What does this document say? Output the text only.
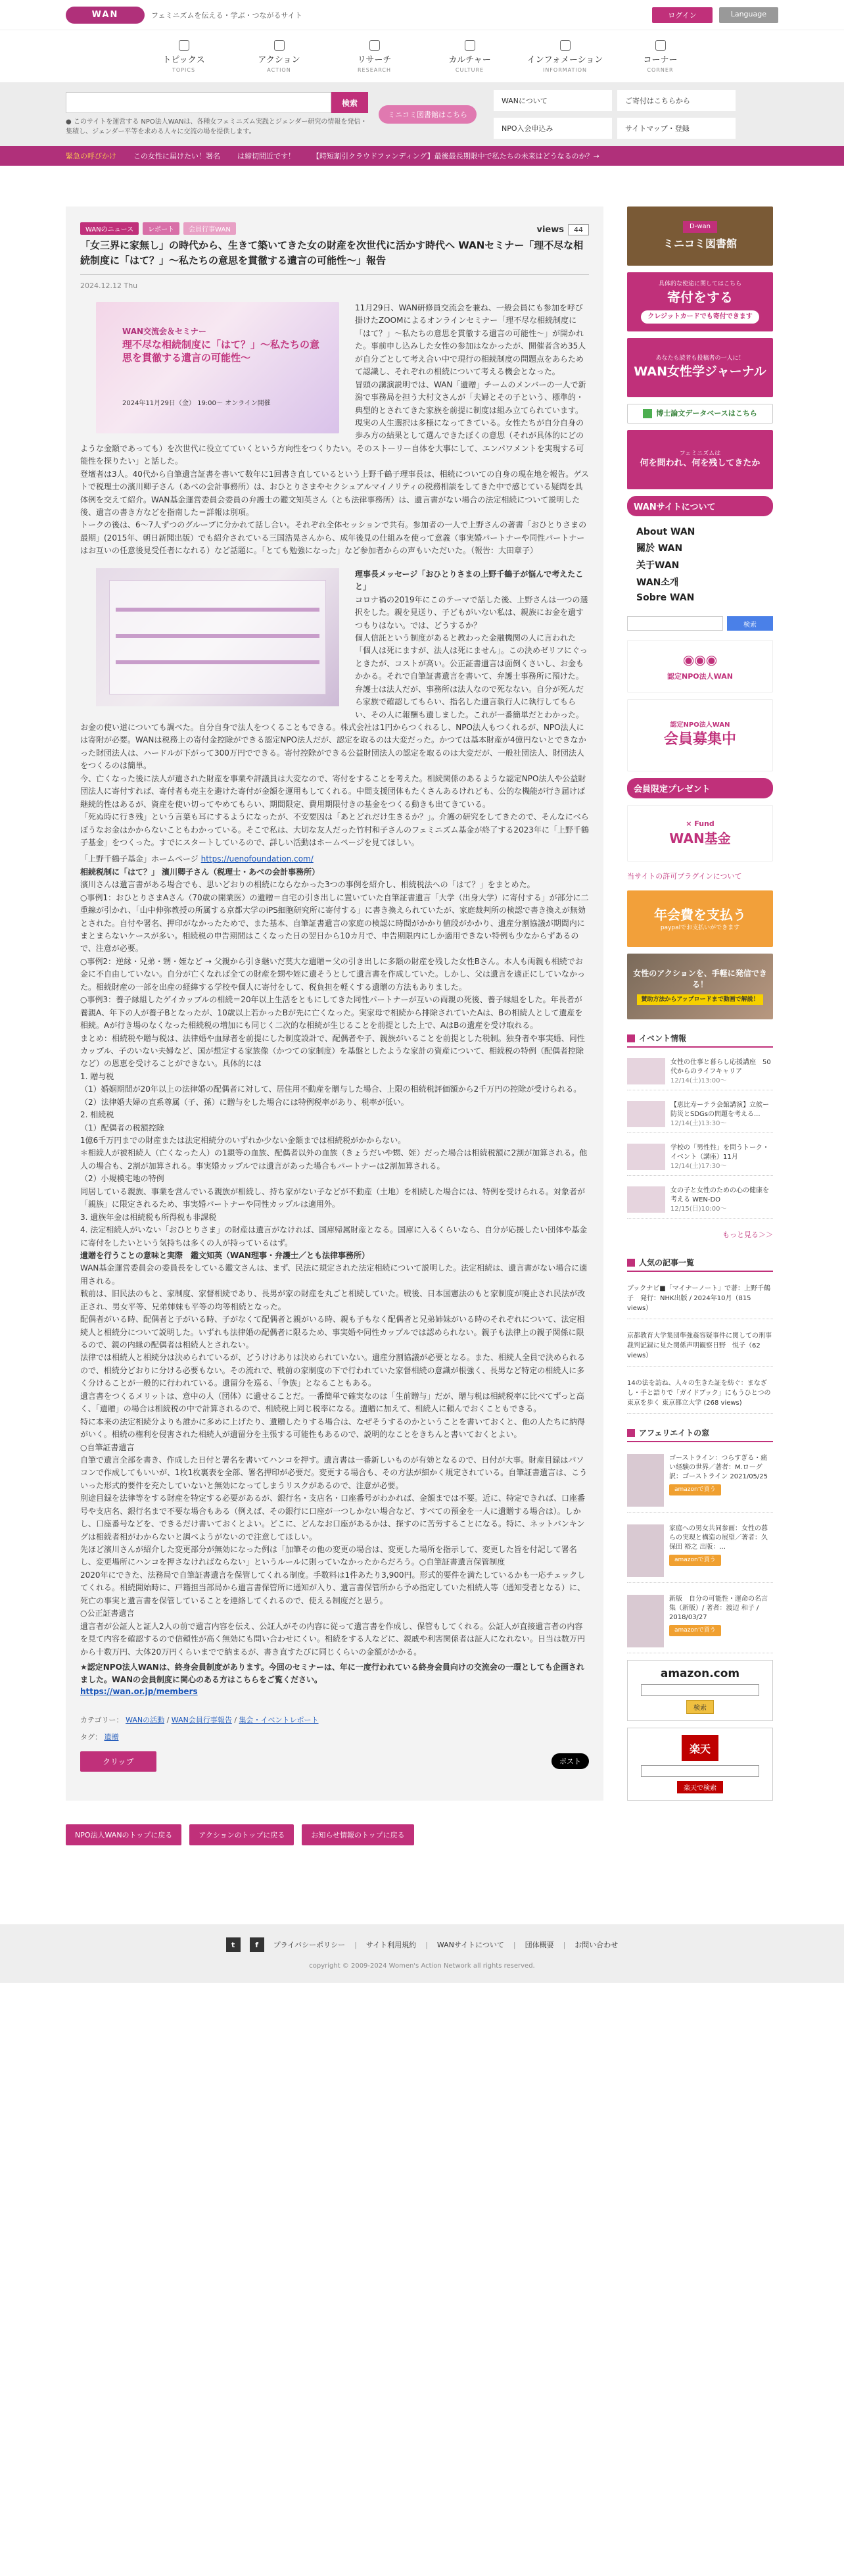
WAN	フェミニズムを伝える・学ぶ・つながるサイト	ログイン	Language
トピックス
TOPICS
アクション
ACTION
リサーチ
RESEARCH
カルチャー
CULTURE
インフォメーション
INFORMATION
コーナー
CORNER
検索
● このサイトを運営する NPO法人WANは、各種女フェミニズム実践とジェンダー研究の情報を発信・集積し、ジェンダー平等を求める人々に交流の場を提供します。
ミニコミ図書館はこちら
WANについて	ご寄付はこちらから
NPO入会申込み	サイトマップ・登録
緊急の呼びかけ この女性に届けたい！署名 は締切間近です！ 【時短割引クラウドファンディング】最後最長期限中で私たちの未来はどうなるのか？→
WANのニュース	レポート	会員行事WAN	views	44
「女三界に家無し」の時代から、生きて築いてきた女の財産を次世代に活かす時代へ WANセミナー「理不尽な相続制度に「はて？」〜私たちの意思を貫徹する遺言の可能性〜」報告
2024.12.12 Thu
WAN交流会＆セミナー
理不尽な相続制度に「はて？」〜私たちの意思を貫徹する遺言の可能性〜
2024年11月29日（金） 19:00〜 オンライン開催

11月29日、WAN研修員交流会を兼ね、一般会員にも参加を呼び掛けたZOOMによるオンラインセミナー「理不尽な相続制度に「はて？」〜私たちの意思を貫徹する遺言の可能性〜」が開かれた。事前申し込みした女性の参加はなかったが、開催者含め35人が自分ごとして考え合い中で現行の相続制度の問題点をあらためて認識し、それぞれの相続について考える機会となった。

冒頭の講演説明では、WAN「遺贈」チームのメンバーの一人で新潟で事務局を担う大村文さんが「夫婦とその子という、標準的・典型的とされてきた家族を前提に制度は組み立てられています。現実の人生選択は多様になってきている。女性たちが自分自身の歩み方の結果として選んできたぼくの意思（それが具体的にどのような金額であっても）を次世代に役立てていくという方向性をつくりたい。そのストーリー自体を大事にして、エンパワメントを実現する可能性を探りたい」と話した。

登壇者は3人。40代から自筆遺言証書を書いて数年に1回書き直しているという上野千鶴子理事長は、相続についての自身の現在地を報告。ゲストで税理士の濱川卿子さん（あべの会計事務所）は、おひとりさまやセクシュアルマイノリティの税務相談をしてきた中で感じている疑問を具体例を交えて紹介。WAN基金運営委員会委員の弁護士の鑑文知英さん（とも法律事務所）は、遺言書がない場合の法定相続について説明した後、遺言の書き方などを指南した＝詳報は別項。

トークの後は、6〜7人ずつのグループに分かれて話し合い。それぞれ全体セッションで共有。参加者の一人で上野さんの著書「おひとりさまの最期」(2015年、朝日新聞出版）でも紹介されている三国浩晃さんから、成年後見の仕組みを使って意義（事実婚パートナーや同性パートナーはお互いの任意後見受任者になれる）など話題に。「とても勉強になった」など参加者からの声もいただいた。（報告：大田章子）

理事長メッセージ「おひとりさまの上野千鶴子が悩んで考えたこと」

コロナ禍の2019年にこのテーマで話した後、上野さんは一つの選択をした。親を見送り、子どもがいない私は、親族にお金を遺すつもりはない。では、どうするか？

個人信託という制度があると教わった金融機関の人に言われた「個人は死にますが、法人は死にません」。この決めゼリフにぐっときたが、コストが高い。公正証書遺言は面倒くさいし、お金もかかる。それで自筆証書遺言を書いて、弁護士事務所に預けた。弁護士は法人だが、事務所は法人なので死なない。自分が死んだら家族で確認してもらい、指名した遺言執行人に執行してもらい、その人に報酬も遺しました。これが一番簡単だとわかった。

お金の使い道についても調べた。自分自身で法人をつくることもできる。株式会社は1円からつくれるし、NPO法人もつくれるが、NPO法人には寄附が必要。WANは税務上の寄付金控除ができる認定NPO法人だが、認定を取るのは大変だった。かつては基本財産が4億円ないとできなかった財団法人は、ハードルが下がって300万円でできる。寄付控除ができる公益財団法人の認定を取るのは大変だが、一般社団法人、財団法人をつくるのは簡単。

今、亡くなった後に法人が遺された財産を事業や評議員は大変なので、寄付をすることを考えた。相続関係のあるような認定NPO法人や公益財団法人に寄付すれば、寄付者も売主を避けた寄付が金額を運用もしてくれる。中間支援団体もたくさんあるけれども、公的な機能が行き届けば継続的性はあるが、資産を使い切ってやめてもらい、期間限定、費用期限付きの基金をつくる動きも出てきている。

「死ぬ時に行き残」という言葉も耳にするようになったが、不安要因は「あとどれだけ生きるか？」。介護の研究をしてきたので、そんなにベらぼうなお金はかからないこともわかっている。そこで私は、大切な友人だった竹村和子さんのフェミニズム基金が終了する2023年に「上野千鶴子基金」をつくった。すでにスタートしているので、詳しい活動はホームページを見てほしい。

「上野千鶴子基金」ホームページ https://uenofoundation.com/

相続税制に「はて？」 濱川卿子さん（税理士・あべの会計事務所）

濱川さんは遺言書がある場合でも、思いどおりの相続にならなかった3つの事例を紹介し、相続税法への「はて？」をまとめた。

○事例1：おひとりさまAさん（70歳の開業医）の遺贈＝自宅の引き出しに置いていた自筆証書遺言「大学（出身大学）に寄付する」が部分に二重線が引かれ、「山中伸弥教授の所属する京都大学のiPS細胞研究所に寄付する」に書き換えられていたが、家庭裁判所の検認で書き換えが無効とされた。自付や署名、押印がなかったためで、また基本、自筆証書遺言の家庭の検認に時間がかかり値段がかかり、遺産分割協議が期間内にまとまらないケースが多い。相続税の申告期間はこくなった日の翌日から10カ月で、申告期限内にしか適用できない特例も少なからずあるので、注意が必要。

○事例2：逆縁・兄弟・甥・姪など → 父親から引き継いだ莫大な遺贈＝父の引き出しに多額の財産を残した女性Bさん。本人も両親も相続でお金に不自由していない。自分が亡くなれば全ての財産を甥や姪に遺そうとして遺言書を作成していた。しかし、父は遺言を適正にしていなかった。相続財産の一部を出産の経緯する学校や個人に寄付をして、税負担を軽くする遺贈の方法もありました。

○事例3：養子縁組したゲイカップルの相続＝20年以上生活をともにしてきた同性パートナーが互いの両親の死後、養子縁組をした。年長者が養親A、年下の人が養子Bとなったが、10歳以上若かったBが先に亡くなった。実家母で相続から排除されていたAは、Bの相続人として遺産を相続。Aが行き場のなくなった相続税の増加にも同じく二次的な相続が生じることを前提とした上で、AはBの遺産を受け取れる。

まとめ：相続税や贈与税は、法律婚や血縁者を前提にした制度設計で、配偶者や子、親族がいることを前提とした税制。独身者や事実婚、同性カップル、子のいない夫婦など、国が想定する家族像（かつての家制度）を基盤としたような家計の資産について、相続税の特例（配偶者控除など）の恩恵を受けることができない。具体的には

1. 贈与税

（1）婚姻期間が20年以上の法律婚の配偶者に対して、居住用不動産を贈与した場合、上限の相続税評価額から2千万円の控除が受けられる。

（2）法律婚夫婦の直系尊属（子、孫）に贈与をした場合には特例税率があり、税率が低い。

2. 相続税

（1）配偶者の税額控除

1億6千万円までの財産または法定相続分のいずれか少ない金額までは相続税がかからない。

＊相続人が被相続人（亡くなった人）の1親等の血族、配偶者以外の血族（きょうだいや甥、姪）だった場合は相続税額に2割が加算される。他人の場合も、2割が加算される。事実婚カップルでは遺言があった場合もパートナーは2割加算される。

（2）小規模宅地の特例

同居している親族、事業を営んでいる親族が相続し、持ち家がない子などが不動産（土地）を相続した場合には、特例を受けられる。対象者が「親族」に限定されるため、事実婚パートナーや同性カップルは適用外。

3. 遺族年金は相続税も所得税も非課税

4. 法定相続人がいない「おひとりさま」の財産は遺言がなければ、国庫帰属財産となる。国庫に入るくらいなら、自分が応援したい団体や基金に寄付をしたいという気持ちは多くの人が持っているはず。

遺贈を行うことの意味と実際　鑑文知英（WAN理事・弁護士／とも法律事務所）

WAN基金運営委員会の委員長をしている鑑文さんは、まず、民法に規定された法定相続について説明した。法定相続は、遺言書がない場合に適用される。

戦前は、旧民法のもと、家制度、家督相続であり、長男が家の財産を丸ごと相続していた。戦後、日本国憲法のもと家制度が廃止され民法が改正され、男女平等、兄弟姉妹も平等の均等相続となった。

配偶者がいる時、配偶者と子がいる時、子がなくて配偶者と親がいる時、親も子もなく配偶者と兄弟姉妹がいる時のそれぞれについて、法定相続人と相続分について説明した。いずれも法律婚の配偶者に限るため、事実婚や同性カップルでは認められない。親子も法律上の親子関係に限るので、親の内縁の配偶者は相続人とされない。

法律では相続人と相続分は決められているが、どうけけありは決められていない。遺産分割協議が必要となる。また、相続人全員で決められるので、相続分どおりに分ける必要もない。その流れで、戦前の家制度の下で行われていた家督相続の意識が根強く、長男など特定の相続人に多く分けることが一般的に行われている。遺留分を巡る、「争族」となることもある。

遺言書をつくるメリットは、意中の人（団体）に遺せることだ。一番簡単で確実なのは「生前贈与」だが、贈与税は相続税率に比べてずっと高く、「遺贈」の場合は相続税の中で計算されるので、相続税上同じ税率になる。遺贈に加えて、相続人に頼んでおくこともできる。

特に本来の法定相続分よりも誰かに多めに上げたり、遺贈したりする場合は、なぜそうするのかということを書いておくと、他の人たちに納得がいく。相続の権利を侵害された相続人が遺留分を主張する可能性もあるので、説明的なことをきちんと書いておくとよい。

○自筆証書遺言

自筆で遺言全部を書き、作成した日付と署名を書いてハンコを押す。遺言書は一番新しいものが有効となるので、日付が大事。財産目録はパソコンで作成してもいいが、1枚1枚裏表を全部、署名押印が必要だ。変更する場合も、その方法が細かく規定されている。自筆証書遺言は、こういった形式的要件を充たしていないと無効になってしまうリスクがあるので、注意が必要。

別途目録を法律等をする財産を特定する必要があるが、銀行名・支店名・口座番号がわかれば、金額までは不要。近に、特定できれば、口座番号や支店名、銀行名まで不要な場合もある（例えば、その銀行に口座が一つしかない場合など、すべての預金を一人に遺贈する場合は）。しかし、口座番号などを、できるだけ書いておくとよい。どこに、どんなお口座があるかは、探すのに苦労することになる。特に、ネットバンキングは相続者相がわからないと調べようがないので注意してほしい。

先ほど濱川さんが紹介した変更部分が無効になった例は「加筆その他の変更の場合は、変更した場所を指示して、変更した旨を付記して署名し、変更場所にハンコを押さなければならない」というルールに則っていなかったからだろう。○自筆証書遺言保管制度

2020年にできた、法務局で自筆証書遺言を保管してくれる制度。手数料は1件あたり3,900円。形式的要件を満たしているかも一応チェックしてくれる。相続開始時に、戸籍担当部局から遺言書保管所に通知が入り、遺言書保管所から予め指定していた相続人等（通知受者となる）に、死亡の事実と遺言書を保管していることを連絡してくれるので、使える制度だと思う。

○公正証書遺言

遺言者が公証人と証人2人の前で遺言内容を伝え、公証人がその内容に従って遺言書を作成し、保管もしてくれる。公証人が直接遺言者の内容を見て内容を確認するので信頼性が高く無効にも問い合わせにくい。相続をする人などに、親戚や利害関係者は証人になれない。日当は数万円から十数万円、大体20万円くらいまでで納まるが、書き直すたびに同じくらいの金額がかかる。

★認定NPO法人WANは、終身会員制度があります。今回のセミナーは、年に一度行われている終身会員向けの交流会の一環としても企画されました。WANの会員制度に関心のある方はこちらをご覧ください。

https://wan.or.jp/members
カテゴリー： WANの活動 / WAN会員行事報告 / 集会・イベントレポート
タグ： 遺贈
クリップ	ポスト
D-wan
ミニコミ図書館
具体的な使途に関してはこちら
寄付をする
クレジットカードでも寄付できます
あなたも読者も投稿者の一人に！
WAN女性学ジャーナル
博士論文データベースはこちら
フェミニズムは
何を問われ、何を残してきたか
WANサイトについて
About WAN
關於 WAN
关于WAN
WAN소개
Sobre WAN
検索
◉◉◉
認定NPO法人WAN
認定NPO法人WAN
会員募集中
会員限定プレゼント
× Fund
WAN基金
当サイトの許可プラグインについて
年会費を支払う
paypalでお支払いができます
女性のアクションを、手軽に発信できる！
賛助方法からアップロードまで動画で解説！
イベント情報
女性の仕事と暮らし応援講座　50代からのライフキャリア
12/14(土)13:00〜
【恵比寿ーテラ会館講演】立候ー防災とSDGsの問題を考える...
12/14(土)13:30〜
学校の「男性性」を問うトーク・イベント（講座）11月
12/14(土)17:30〜
女の子と女性のための心の健康を考える WEN-DO
12/15(日)10:00〜
もっと見る＞＞
人気の記事一覧
ブックナビ■「マイナーノート」で著：上野千鶴子　発行：NHK出版 / 2024年10月（815 views）
京都教育大学集団準強姦容疑事件に関しての刑事裁判記録に見た関係声明観察日野　悦子（62 views）
14の法を訪ね、人々の生きた証を紡ぐ：まなざし・手と語りで「ガイドブック」にもうひとつの東京を歩く 東京都立大学 (268 views)
アフェリエイトの窓
ゴーストライン：つらすぎる・痛い経験の世界／著者：M.ローグ 訳：ゴーストライン 2021/05/25
amazonで買う
家庭への男女共同参画：女性の暮らの実現と構造の展望／著者：久保田 裕之 出版：...
amazonで買う
新版　自分の可能性・運命の名言集（新版）/ 著者：渡辺 和子 / 2018/03/27
amazonで買う
amazon.com
検索
楽天
楽天で検索
NPO法人WANのトップに戻る	アクションのトップに戻る	お知らせ情報のトップに戻る
t	f	プライバシーポリシー | サイト利用規約 | WANサイトについて | 団体概要 | お問い合わせ
copyright © 2009-2024 Women's Action Network all rights reserved.
